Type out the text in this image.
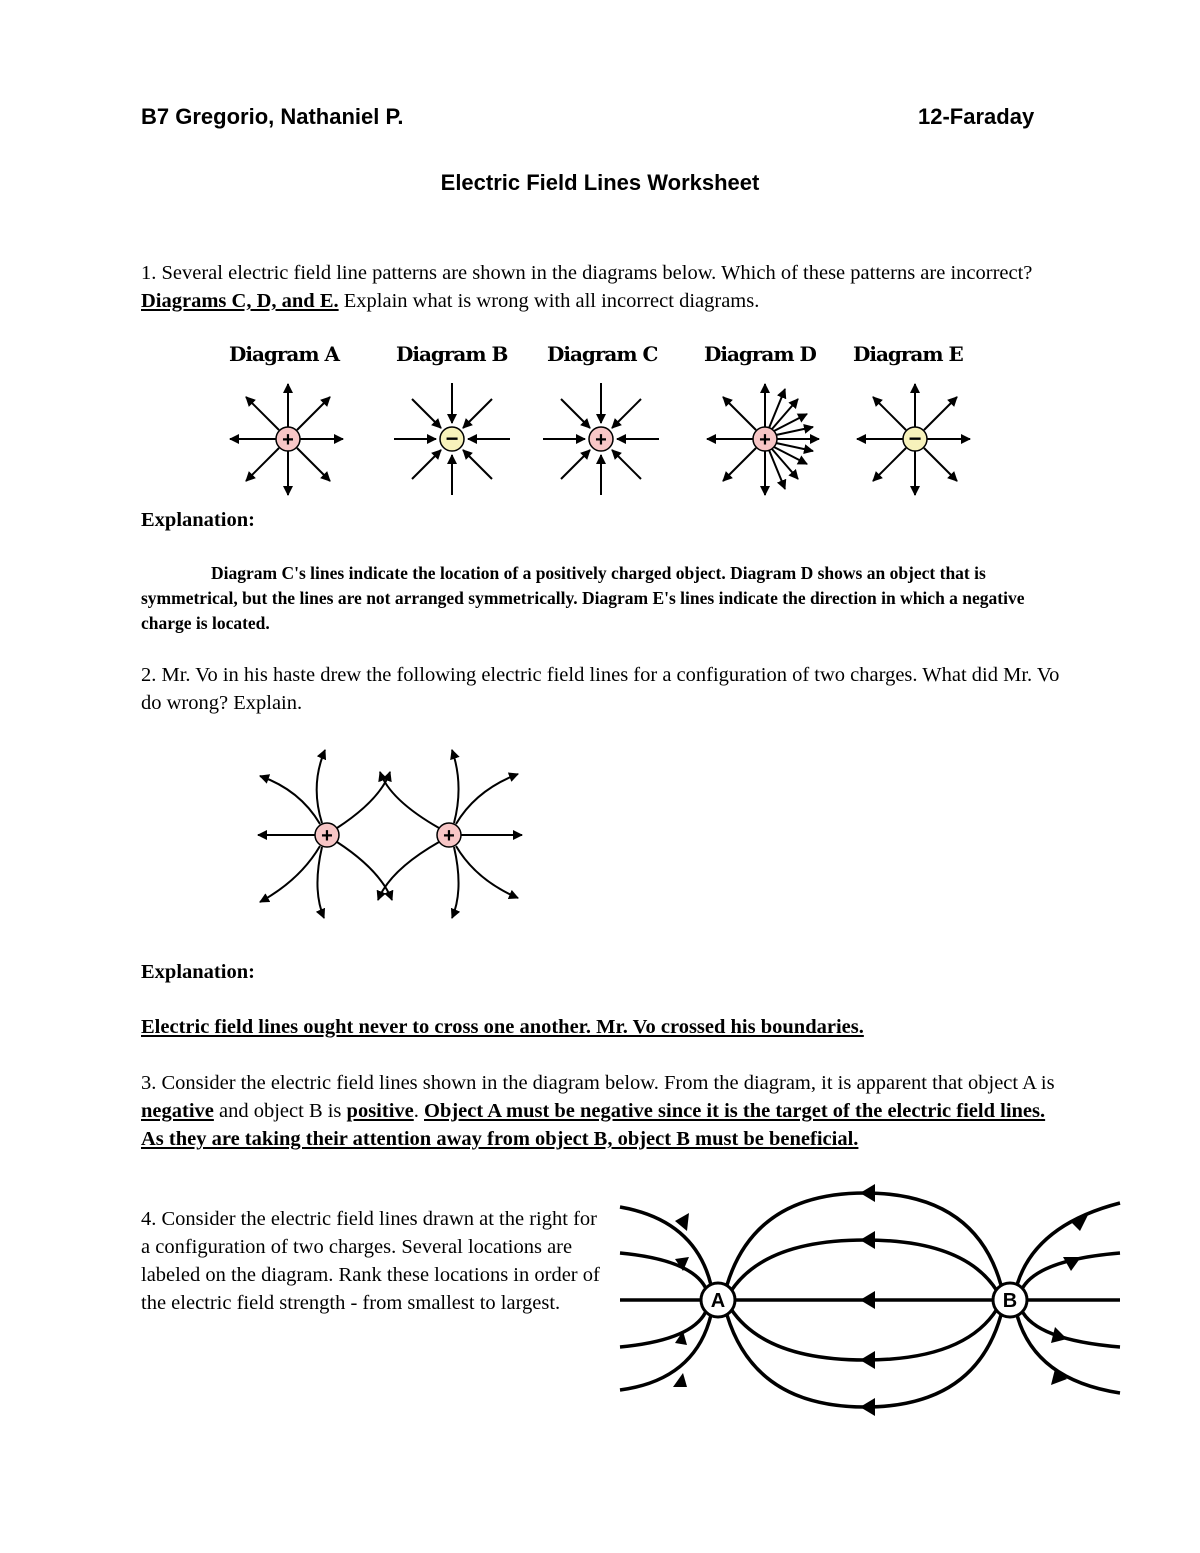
B7 Gregorio, Nathaniel P.	12-Faraday
Electric Field Lines Worksheet
1. Several electric field line patterns are shown in the diagrams below. Which of these patterns are incorrect? Diagrams C, D, and E. Explain what is wrong with all incorrect diagrams.
Diagram A	Diagram B Diagram C Diagram D Diagram E
+	−	+	+	−
Explanation:
Diagram C's lines indicate the location of a positively charged object. Diagram D shows an object that is symmetrical, but the lines are not arranged symmetrically. Diagram E's lines indicate the direction in which a negative charge is located.
2. Mr. Vo in his haste drew the following electric field lines for a configuration of two charges. What did Mr. Vo do wrong? Explain.
+	+
Explanation:
Electric field lines ought never to cross one another. Mr. Vo crossed his boundaries.
3. Consider the electric field lines shown in the diagram below. From the diagram, it is apparent that object A is negative and object B is positive. Object A must be negative since it is the target of the electric field lines. As they are taking their attention away from object B, object B must be beneficial.
4. Consider the electric field lines drawn at the right for a configuration of two charges. Several locations are labeled on the diagram. Rank these locations in order of the electric field strength - from smallest to largest.	A	B
